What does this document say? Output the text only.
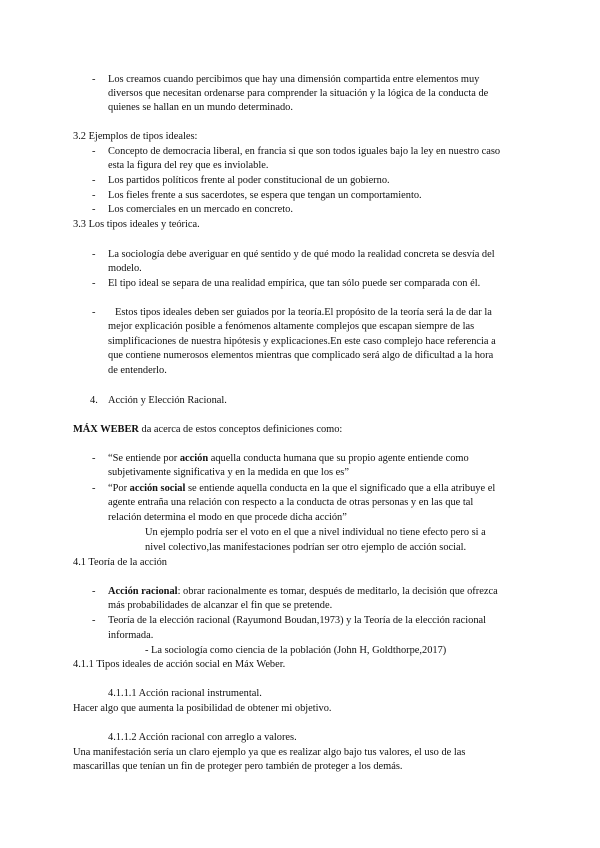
- Los creamos cuando percibimos que hay una dimensión compartida entre elementos muy
diversos que necesitan ordenarse para comprender la situación y la lógica de la conducta de
quienes se hallan en un mundo determinado.
3.2 Ejemplos de tipos ideales:
- Concepto de democracia liberal, en francia si que son todos iguales bajo la ley en nuestro caso
esta la figura del rey que es inviolable.
- Los partidos políticos frente al poder constitucional de un gobierno.
- Los fieles frente a sus sacerdotes, se espera que tengan un comportamiento.
- Los comerciales en un mercado en concreto.
3.3 Los tipos ideales y teórica.
- La sociología debe averiguar en qué sentido y de qué modo la realidad concreta se desvía del
modelo.
- El tipo ideal se separa de una realidad empírica, que tan sólo puede ser comparada con él.
- Estos tipos ideales deben ser guiados por la teoría.El propósito de la teoría será la de dar la
mejor explicación posible a fenómenos altamente complejos que escapan siempre de las
simplificaciones de nuestra hipótesis y explicaciones.En este caso complejo hace referencia a
que contiene numerosos elementos mientras que complicado será algo de dificultad a la hora
de entenderlo.
4. Acción y Elección Racional.
MÁX WEBER da acerca de estos conceptos definiciones como:
- “Se entiende por acción aquella conducta humana que su propio agente entiende como
subjetivamente significativa y en la medida en que los es”
- “Por acción social se entiende aquella conducta en la que el significado que a ella atribuye el
agente entraña una relación con respecto a la conducta de otras personas y en las que tal
relación determina el modo en que procede dicha acción”
Un ejemplo podría ser el voto en el que a nivel individual no tiene efecto pero si a
nivel colectivo,las manifestaciones podrían ser otro ejemplo de acción social.
4.1 Teoría de la acción
- Acción racional: obrar racionalmente es tomar, después de meditarlo, la decisión que ofrezca
más probabilidades de alcanzar el fin que se pretende.
- Teoría de la elección racional (Rayumond Boudan,1973) y la Teoría de la elección racional
informada.
- La sociología como ciencia de la población (John H, Goldthorpe,2017)
4.1.1 Tipos ideales de acción social en Máx Weber.
4.1.1.1 Acción racional instrumental.
Hacer algo que aumenta la posibilidad de obtener mi objetivo.
4.1.1.2 Acción racional con arreglo a valores.
Una manifestación sería un claro ejemplo ya que es realizar algo bajo tus valores, el uso de las
mascarillas que tenían un fin de proteger pero también de proteger a los demás.
